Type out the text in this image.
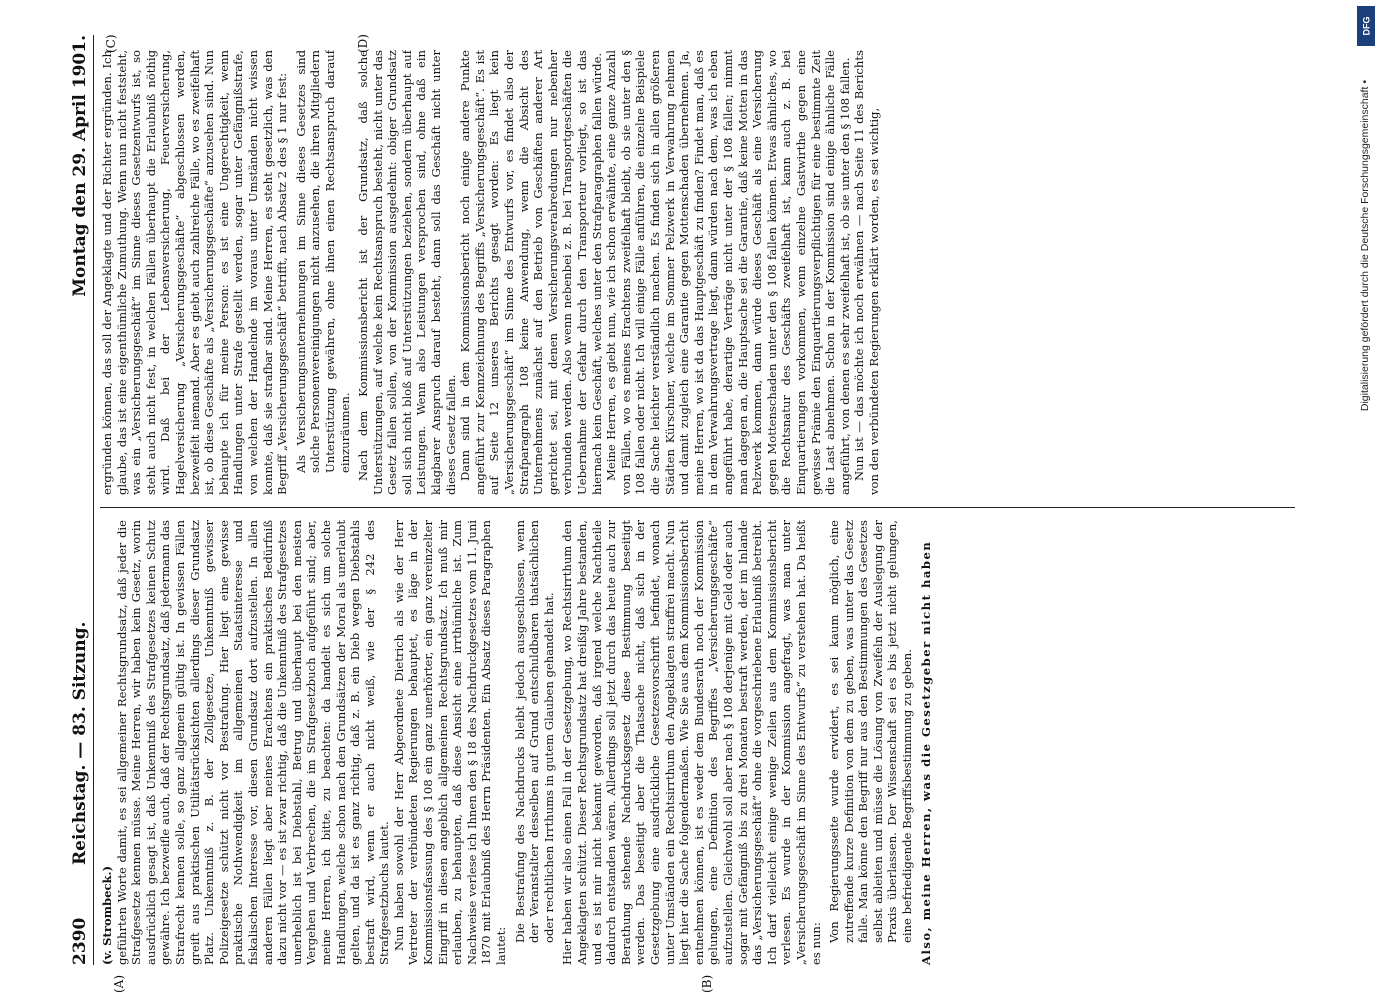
2390
Reichstag. — 83. Sitzung.
Montag den 29. April 1901.
(A)	(B)
(C)	(D)

(v. Strombeck.) geführten Worte damit, es sei allgemeiner Rechtsgrundsatz, daß jeder die Strafgesetze kennen müsse. Meine Herren, wir haben kein Gesetz, worin ausdrücklich gesagt ist, daß Unkenntniß des Strafgesetzes keinen Schutz gewähre. Ich bezweifle auch, daß der Rechtsgrundsatz, daß jedermann das Strafrecht kennen solle, so ganz allgemein gültig ist. In gewissen Fällen greift aus praktischen Utilitätsrücksichten allerdings dieser Grundsatz Platz. Unkenntniß z. B. der Zollgesetze, Unkenntniß gewisser Polizeigesetze schützt nicht vor Bestrafung. Hier liegt eine gewisse praktische Nothwendigkeit im allgemeinen Staatsinteresse und fiskalischen Interesse vor, diesen Grundsatz dort aufzustellen. In allen anderen Fällen liegt aber meines Erachtens ein praktisches Bedürfniß dazu nicht vor — es ist zwar richtig, daß die Unkenntniß des Strafgesetzes unerheblich ist bei Diebstahl, Betrug und überhaupt bei den meisten Vergehen und Verbrechen, die im Strafgesetzbuch aufgeführt sind; aber, meine Herren, ich bitte, zu beachten: da handelt es sich um solche Handlungen, welche schon nach den Grundsätzen der Moral als unerlaubt gelten, und da ist es ganz richtig, daß z. B. ein Dieb wegen Diebstahls bestraft wird, wenn er auch nicht weiß, wie der § 242 des Strafgesetzbuchs lautet. Nun haben sowohl der Herr Abgeordnete Dietrich als wie der Herr Vertreter der verbündeten Regierungen behauptet, es läge in der Kommissionsfassung des § 108 ein ganz unerhörter, ein ganz vereinzelter Eingriff in diesen angeblich allgemeinen Rechtsgrundsatz. Ich muß mir erlauben, zu behaupten, daß diese Ansicht eine irrthümliche ist. Zum Nachweise verlese ich Ihnen den § 18 des Nachdruckgesetzes vom 11. Juni 1870 mit Erlaubniß des Herrn Präsidenten. Ein Absatz dieses Paragraphen lautet:

Die Bestrafung des Nachdrucks bleibt jedoch ausgeschlossen, wenn der Veranstalter desselben auf Grund entschuldbaren thatsächlichen oder rechtlichen Irrthums in gutem Glauben gehandelt hat. Hier haben wir also einen Fall in der Gesetzgebung, wo Rechtsirrthum den Angeklagten schützt. Dieser Rechtsgrundsatz hat dreißig Jahre bestanden, und es ist mir nicht bekannt geworden, daß irgend welche Nachtheile dadurch entstanden wären. Allerdings soll jetzt durch das heute auch zur Berathung stehende Nachdrucksgesetz diese Bestimmung beseitigt werden. Das beseitigt aber die Thatsache nicht, daß sich in der Gesetzgebung eine ausdrückliche Gesetzesvorschrift befindet, wonach unter Umständen ein Rechtsirrthum den Angeklagten straffrei macht. Nun liegt hier die Sache folgendermaßen. Wie Sie aus dem Kommissionsbericht entnehmen können, ist es weder dem Bundesrath noch der Kommission gelungen, eine Definition des Begriffes „Versicherungsgeschäfte“ aufzustellen. Gleichwohl soll aber nach § 108 derjenige mit Geld oder auch sogar mit Gefängniß bis zu drei Monaten bestraft werden, der im Inlande das „Versicherungsgeschäft“ ohne die vorgeschriebene Erlaubniß betreibt. Ich darf vielleicht einige wenige Zeilen aus dem Kommissionsbericht verlesen. Es wurde in der Kommission angefragt, was man unter „Versicherungsgeschäft im Sinne des Entwurfs“ zu verstehen hat. Da heißt es nun:

Von Regierungsseite wurde erwidert, es sei kaum möglich, eine zutreffende kurze Definition von dem zu geben, was unter das Gesetz falle. Man könne den Begriff nur aus den Bestimmungen des Gesetzes selbst ableiten und müsse die Lösung von Zweifeln der Auslegung der Praxis überlassen. Der Wissenschaft sei es bis jetzt nicht gelungen, eine befriedigende Begriffsbestimmung zu geben. Also, meine Herren, was die Gesetzgeber nicht haben

ergründen können, das soll der Angeklagte und der Richter ergründen. Ich glaube, das ist eine eigenthümliche Zumuthung. Wenn nun nicht feststeht, was ein „Versicherungsgeschäft“ im Sinne dieses Gesetzentwurfs ist, so steht auch nicht fest, in welchen Fällen überhaupt die Erlaubniß nöthig wird. Daß bei der Lebensversicherung, Feuerversicherung, Hagelversicherung „Versicherungsgeschäfte“ abgeschlossen werden, bezweifelt niemand. Aber es giebt auch zahlreiche Fälle, wo es zweifelhaft ist, ob diese Geschäfte als „Versicherungsgeschäfte“ anzusehen sind. Nun behaupte ich für meine Person: es ist eine Ungerechtigkeit, wenn Handlungen unter Strafe gestellt werden, sogar unter Gefängnißstrafe, von welchen der Handelnde im voraus unter Umständen nicht wissen konnte, daß sie strafbar sind. Meine Herren, es steht gesetzlich, was den Begriff „Versicherungsgeschäft“ betrifft, nach Absatz 2 des § 1 nur fest: Als Versicherungsunternehmungen im Sinne dieses Gesetzes sind solche Personenvereinigungen nicht anzusehen, die ihren Mitgliedern Unterstützung gewähren, ohne ihnen einen Rechtsanspruch darauf einzuräumen. Nach dem Kommissionsbericht ist der Grundsatz, daß solche Unterstützungen, auf welche kein Rechtsanspruch besteht, nicht unter das Gesetz fallen sollen, von der Kommission ausgedehnt: obiger Grundsatz soll sich nicht bloß auf Unterstützungen beziehen, sondern überhaupt auf Leistungen. Wenn also Leistungen versprochen sind, ohne daß ein klagbarer Anspruch darauf besteht, dann soll das Geschäft nicht unter dieses Gesetz fallen. Dann sind in dem Kommissionsbericht noch einige andere Punkte angeführt zur Kennzeichnung des Begriffs „Versicherungsgeschäft“. Es ist auf Seite 12 unseres Berichts gesagt worden: Es liegt kein „Versicherungsgeschäft“ im Sinne des Entwurfs vor, es findet also der Strafparagraph 108 keine Anwendung, wenn die Absicht des Unternehmens zunächst auf den Betrieb von Geschäften anderer Art gerichtet sei, mit denen Versicherungsverabredungen nur nebenher verbunden werden. Also wenn nebenbei z. B. bei Transportgeschäften die Uebernahme der Gefahr durch den Transporteur vorliegt, so ist das hiernach kein Geschäft, welches unter den Strafparagraphen fallen würde. Meine Herren, es giebt nun, wie ich schon erwähnte, eine ganze Anzahl von Fällen, wo es meines Erachtens zweifelhaft bleibt, ob sie unter den § 108 fallen oder nicht. Ich will einige Fälle anführen, die einzelne Beispiele die Sache leichter verständlich machen. Es finden sich in allen größeren Städten Kürschner, welche im Sommer Pelzwerk in Verwahrung nehmen und damit zugleich eine Garantie gegen Mottenschaden übernehmen. Ja, meine Herren, wo ist da das Hauptgeschäft zu finden? Findet man, daß es in dem Verwahrungsvertrage liegt, dann würden nach dem, was ich eben angeführt habe, derartige Verträge nicht unter der § 108 fallen; nimmt man dagegen an, die Hauptsache sei die Garantie, daß keine Motten in das Pelzwerk kommen, dann würde dieses Geschäft als eine Versicherung gegen Mottenschaden unter den § 108 fallen können. Etwas ähnliches, wo die Rechtsnatur des Geschäfts zweifelhaft ist, kann auch z. B. bei Einquartierungen vorkommen, wenn einzelne Gastwirthe gegen eine gewisse Prämie den Einquartierungsverpflichtigen für eine bestimmte Zeit die Last abnehmen. Schon in der Kommission sind einige ähnliche Fälle angeführt, von denen es sehr zweifelhaft ist, ob sie unter den § 108 fallen. Nun ist — das möchte ich noch erwähnen — nach Seite 11 des Berichts von den verbündeten Regierungen erklärt worden, es sei wichtig,

DFG
Digitalisierung gefördert durch die Deutsche Forschungsgemeinschaft •
